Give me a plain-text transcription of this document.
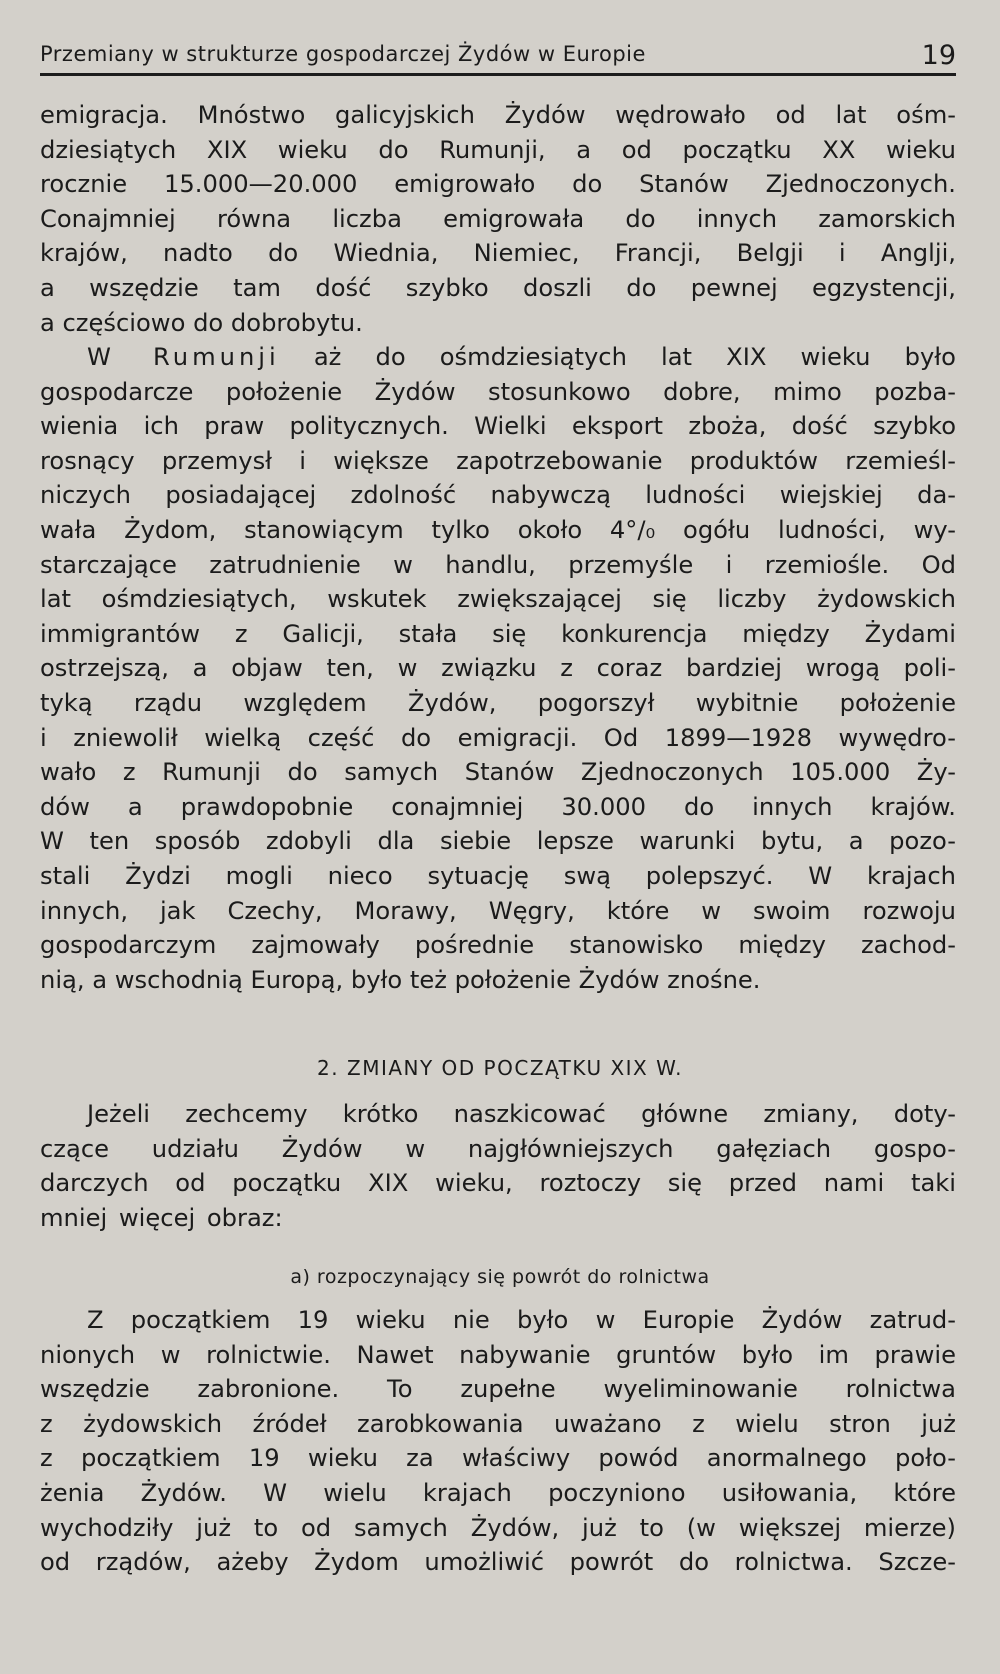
Przemiany w strukturze gospodarczej Żydów w Europie	19
emigracja. Mnóstwo galicyjskich Żydów wędrowało od lat ośm-
dziesiątych XIX wieku do Rumunji, a od początku XX wieku
rocznie 15.000—20.000 emigrowało do Stanów Zjednoczonych.
Conajmniej równa liczba emigrowała do innych zamorskich
krajów, nadto do Wiednia, Niemiec, Francji, Belgji i Anglji,
a wszędzie tam dość szybko doszli do pewnej egzystencji,
a częściowo do dobrobytu.
W Rumunji aż do ośmdziesiątych lat XIX wieku było
gospodarcze położenie Żydów stosunkowo dobre, mimo pozba-
wienia ich praw politycznych. Wielki eksport zboża, dość szybko
rosnący przemysł i większe zapotrzebowanie produktów rzemieśl-
niczych posiadającej zdolność nabywczą ludności wiejskiej da-
wała Żydom, stanowiącym tylko około 4°/₀ ogółu ludności, wy-
starczające zatrudnienie w handlu, przemyśle i rzemiośle. Od
lat ośmdziesiątych, wskutek zwiększającej się liczby żydowskich
immigrantów z Galicji, stała się konkurencja między Żydami
ostrzejszą, a objaw ten, w związku z coraz bardziej wrogą poli-
tyką rządu względem Żydów, pogorszył wybitnie położenie
i zniewolił wielką część do emigracji. Od 1899—1928 wywędro-
wało z Rumunji do samych Stanów Zjednoczonych 105.000 Ży-
dów a prawdopobnie conajmniej 30.000 do innych krajów.
W ten sposób zdobyli dla siebie lepsze warunki bytu, a pozo-
stali Żydzi mogli nieco sytuację swą polepszyć. W krajach
innych, jak Czechy, Morawy, Węgry, które w swoim rozwoju
gospodarczym zajmowały pośrednie stanowisko między zachod-
nią, a wschodnią Europą, było też położenie Żydów znośne.
2. ZMIANY OD POCZĄTKU XIX W.
Jeżeli zechcemy krótko naszkicować główne zmiany, doty-
czące udziału Żydów w najgłówniejszych gałęziach gospo-
darczych od początku XIX wieku, roztoczy się przed nami taki
mniej więcej obraz:
a) rozpoczynający się powrót do rolnictwa
Z początkiem 19 wieku nie było w Europie Żydów zatrud-
nionych w rolnictwie. Nawet nabywanie gruntów było im prawie
wszędzie zabronione. To zupełne wyeliminowanie rolnictwa
z żydowskich źródeł zarobkowania uważano z wielu stron już
z początkiem 19 wieku za właściwy powód anormalnego poło-
żenia Żydów. W wielu krajach poczyniono usiłowania, które
wychodziły już to od samych Żydów, już to (w większej mierze)
od rządów, ażeby Żydom umożliwić powrót do rolnictwa. Szcze-
